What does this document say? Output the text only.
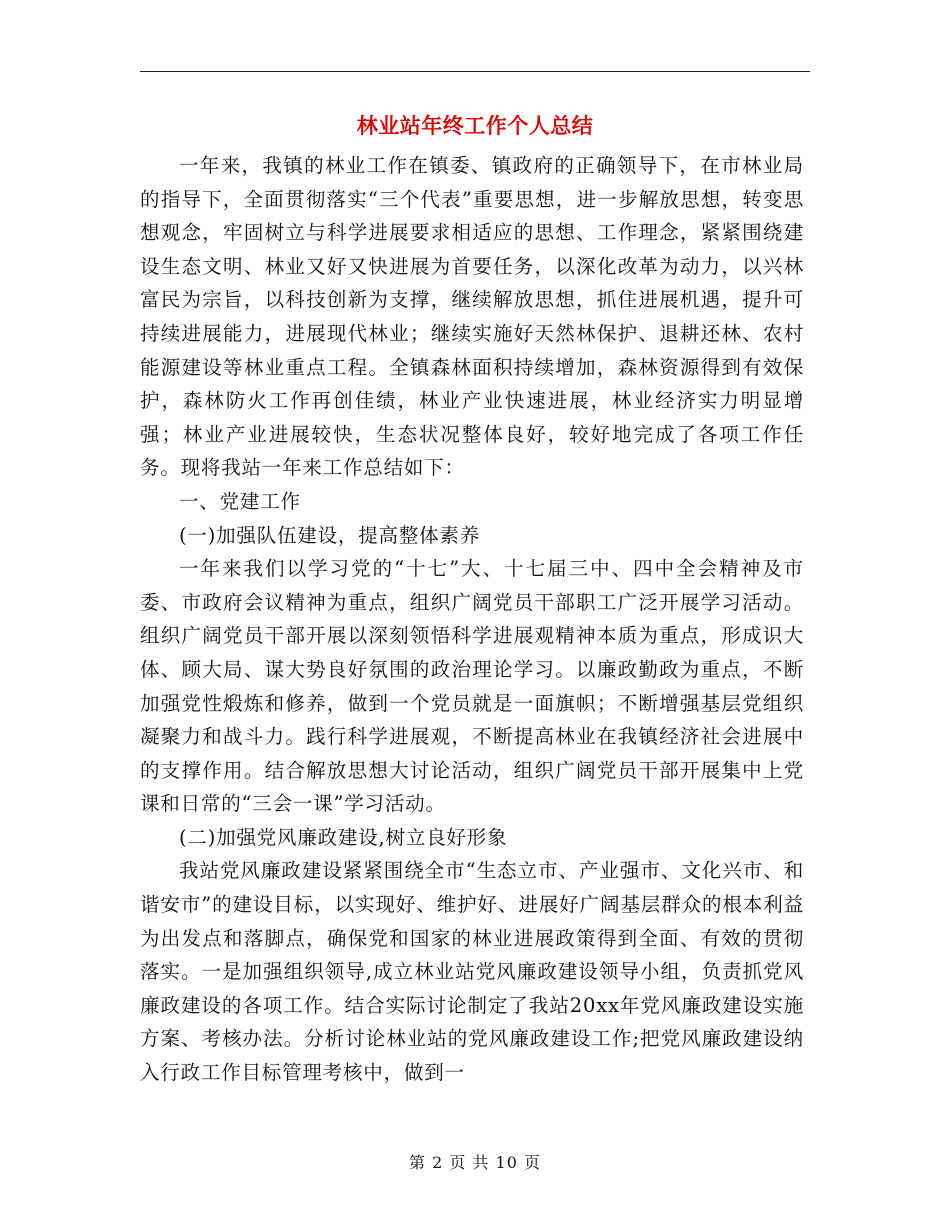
林业站年终工作个人总结

一年来，我镇的林业工作在镇委、镇政府的正确领导下，在市林业局的指导下，全面贯彻落实“三个代表”重要思想，进一步解放思想，转变思想观念，牢固树立与科学进展要求相适应的思想、工作理念，紧紧围绕建设生态文明、林业又好又快进展为首要任务，以深化改革为动力，以兴林富民为宗旨，以科技创新为支撑，继续解放思想，抓住进展机遇，提升可持续进展能力，进展现代林业；继续实施好天然林保护、退耕还林、农村能源建设等林业重点工程。全镇森林面积持续增加，森林资源得到有效保护，森林防火工作再创佳绩，林业产业快速进展，林业经济实力明显增强；林业产业进展较快，生态状况整体良好，较好地完成了各项工作任务。现将我站一年来工作总结如下：

一、党建工作

(一)加强队伍建设，提高整体素养

一年来我们以学习党的“十七”大、十七届三中、四中全会精神及市委、市政府会议精神为重点，组织广阔党员干部职工广泛开展学习活动。组织广阔党员干部开展以深刻领悟科学进展观精神本质为重点，形成识大体、顾大局、谋大势良好氛围的政治理论学习。以廉政勤政为重点，不断加强党性煅炼和修养，做到一个党员就是一面旗帜；不断增强基层党组织凝聚力和战斗力。践行科学进展观，不断提高林业在我镇经济社会进展中的支撑作用。结合解放思想大讨论活动，组织广阔党员干部开展集中上党课和日常的“三会一课”学习活动。

(二)加强党风廉政建设,树立良好形象

我站党风廉政建设紧紧围绕全市“生态立市、产业强市、文化兴市、和谐安市”的建设目标，以实现好、维护好、进展好广阔基层群众的根本利益为出发点和落脚点，确保党和国家的林业进展政策得到全面、有效的贯彻落实。一是加强组织领导,成立林业站党风廉政建设领导小组，负责抓党风廉政建设的各项工作。结合实际讨论制定了我站20xx年党风廉政建设实施方案、考核办法。分析讨论林业站的党风廉政建设工作;把党风廉政建设纳入行政工作目标管理考核中，做到一

第 2 页 共 10 页
